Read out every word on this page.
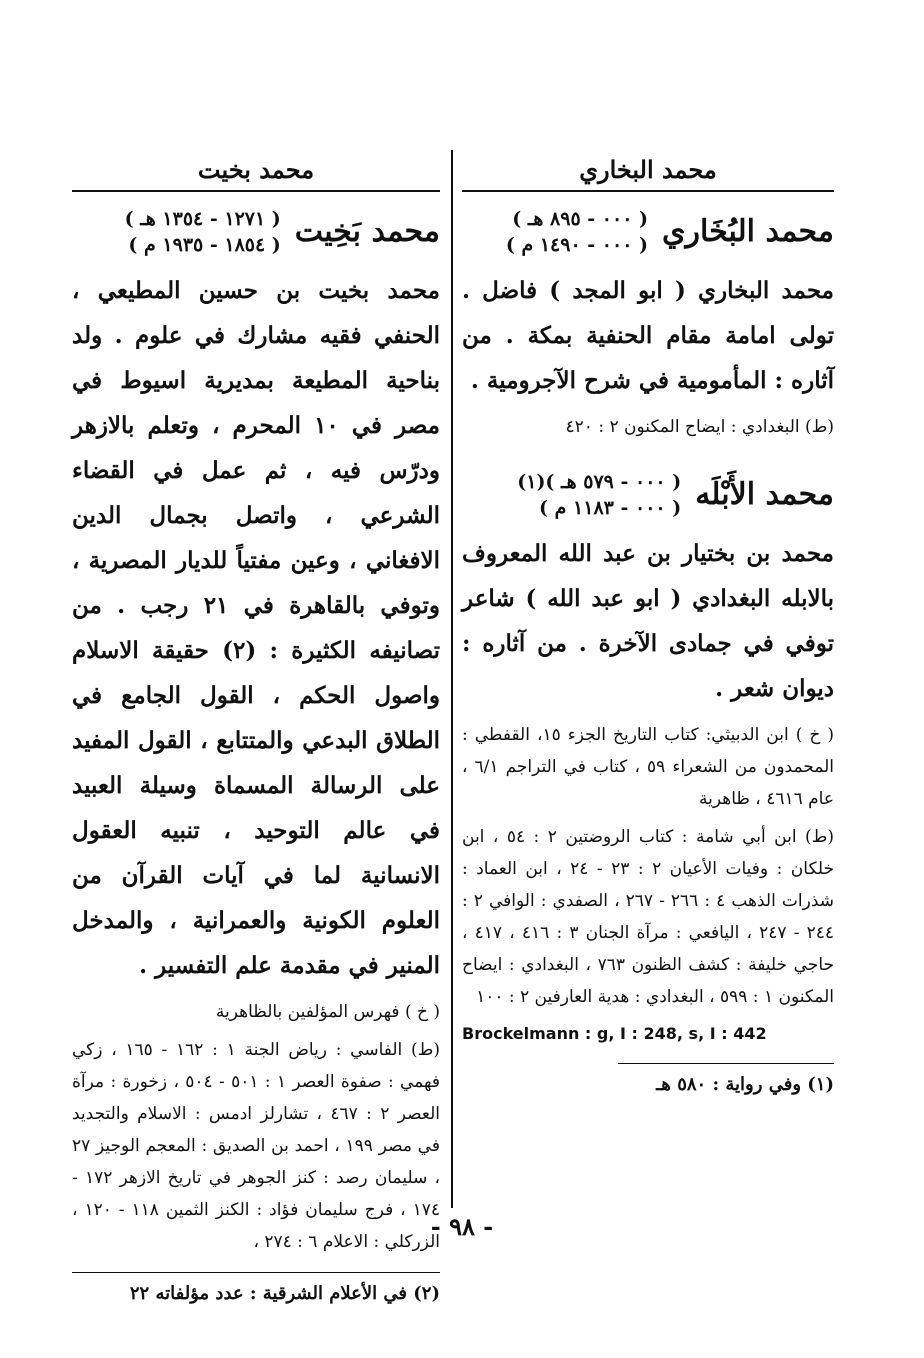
محمد البخاري
محمد البُخَاري
( ٠٠٠ - ٨٩٥ هـ )
( ٠٠٠ - ١٤٩٠ م )
محمد البخاري ( ابو المجد ) فاضل . تولى امامة مقام الحنفية بمكة . من آثاره : المأمومية في شرح الآجرومية .
(ط) البغدادي : ايضاح المكنون ٢ : ٤٢٠
محمد الأَبْلَه
( ٠٠٠ - ٥٧٩ هـ )(١)
( ٠٠٠ - ١١٨٣ م )
محمد بن بختيار بن عبد الله المعروف بالابله البغدادي ( ابو عبد الله ) شاعر توفي في جمادى الآخرة . من آثاره : ديوان شعر .
( خ ) ابن الدبيثي: كتاب التاريخ الجزء ١٥، القفطي : المحمدون من الشعراء ٥٩ ، كتاب في التراجم ٦/١ ، عام ٤٦١٦ ، ظاهرية
(ط) ابن أبي شامة : كتاب الروضتين ٢ : ٥٤ ، ابن خلكان : وفيات الأعيان ٢ : ٢٣ - ٢٤ ، ابن العماد : شذرات الذهب ٤ : ٢٦٦ - ٢٦٧ ، الصفدي : الوافي ٢ : ٢٤٤ - ٢٤٧ ، اليافعي : مرآة الجنان ٣ : ٤١٦ ، ٤١٧ ، حاجي خليفة : كشف الظنون ٧٦٣ ، البغدادي : ايضاح المكنون ١ : ٥٩٩ ، البغدادي : هدية العارفين ٢ : ١٠٠
Brockelmann : g, I : 248, s, I : 442
(١) وفي رواية : ٥٨٠ هـ
محمد بخيت
محمد بَخِيت
( ١٢٧١ - ١٣٥٤ هـ )
( ١٨٥٤ - ١٩٣٥ م )
محمد بخيت بن حسين المطيعي ، الحنفي فقيه مشارك في علوم . ولد بناحية المطيعة بمديرية اسيوط في مصر في ١٠ المحرم ، وتعلم بالازهر ودرّس فيه ، ثم عمل في القضاء الشرعي ، واتصل بجمال الدين الافغاني ، وعين مفتياً للديار المصرية ، وتوفي بالقاهرة في ٢١ رجب . من تصانيفه الكثيرة : (٢) حقيقة الاسلام واصول الحكم ، القول الجامع في الطلاق البدعي والمتتابع ، القول المفيد على الرسالة المسماة وسيلة العبيد في عالم التوحيد ، تنبيه العقول الانسانية لما في آيات القرآن من العلوم الكونية والعمرانية ، والمدخل المنير في مقدمة علم التفسير .
( خ ) فهرس المؤلفين بالظاهرية
(ط) الفاسي : رياض الجنة ١ : ١٦٢ - ١٦٥ ، زكي فهمي : صفوة العصر ١ : ٥٠١ - ٥٠٤ ، زخورة : مرآة العصر ٢ : ٤٦٧ ، تشارلز ادمس : الاسلام والتجديد في مصر ١٩٩ ، احمد بن الصديق : المعجم الوجيز ٢٧ ، سليمان رصد : كنز الجوهر في تاريخ الازهر ١٧٢ - ١٧٤ ، فرج سليمان فؤاد : الكنز الثمين ١١٨ - ١٢٠ ، الزركلي : الاعلام ٦ : ٢٧٤ ،
(٢) في الأعلام الشرقية : عدد مؤلفاته ٢٢
- ٩٨ -
